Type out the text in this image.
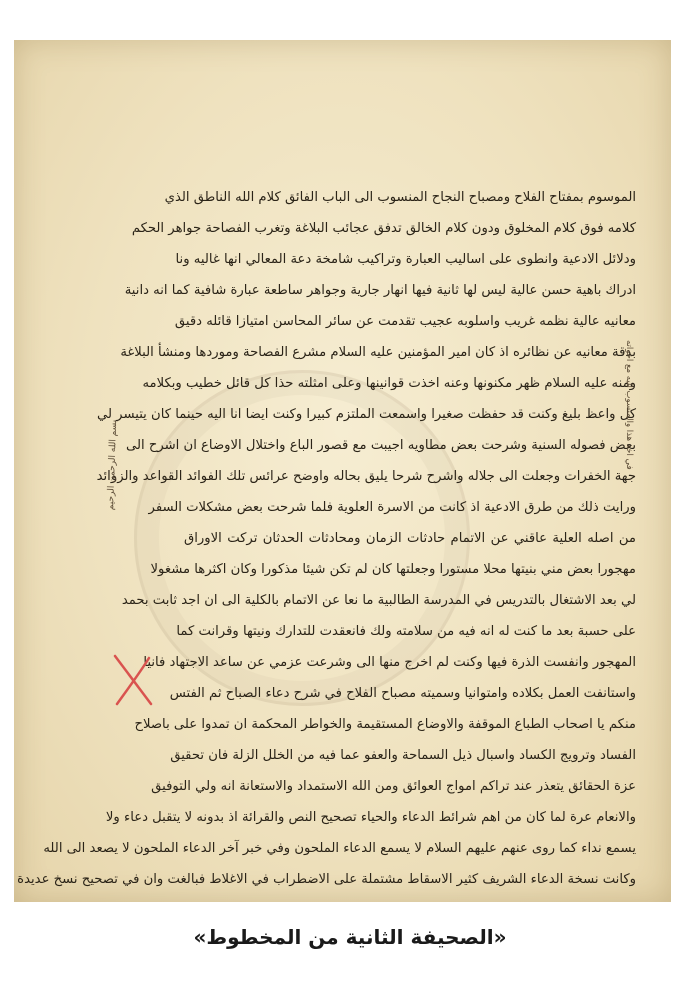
الموسوم بمفتاح الفلاح ومصباح النجاح المنسوب الى الباب الفائق كلام الله الناطق الذي
كلامه فوق كلام المخلوق ودون كلام الخالق تدفق عجائب البلاغة وتغرب الفصاحة جواهر الحكم
ودلائل الادعية وانطوى على اساليب العبارة وتراكيب شامخة دعة المعالي انها غاليه ونا
ادراك باهية حسن عالية ليس لها ثانية فيها انهار جارية وجواهر ساطعة عبارة شافية كما انه دانية
معانيه عالية نظمه غريب واسلوبه عجيب تقدمت عن سائر المحاسن امتيازا قائله دقيق
بدقة معانيه عن نظائره اذ كان امير المؤمنين عليه السلام مشرع الفصاحة وموردها ومنشأ البلاغة
ومنه عليه السلام ظهر مكنونها وعنه اخذت قوانينها وعلى امثلته حذا كل قائل خطيب وبكلامه
كل واعظ بليغ وكنت قد حفظت صغيرا واسمعت الملتزم كبيرا وكنت ايضا انا اليه حينما كان يتيسر لي
بعض فصوله السنية وشرحت بعض مطاويه اجيبت مع قصور الباع واختلال الاوضاع ان اشرح الى
جهة الخفرات وجعلت الى جلاله واشرح شرحا يليق بحاله واوضح عرائس تلك الفوائد القواعد والزوائد
ورايت ذلك من طرق الادعية اذ كانت من الاسرة العلوية فلما شرحت بعض مشكلات السفر
من اصله العلية عاقني عن الاتمام حادثات الزمان ومحادثات الحدثان تركت الاوراق
مهجورا بعض مني بنيتها محلا مستورا وجعلتها كان لم تكن شيئا مذكورا وكان اكثرها مشغولا
لي بعد الاشتغال بالتدريس في المدرسة الطالبية ما نعا عن الاتمام بالكلية الى ان اجد ثابت بحمد
على حسبة بعد ما كنت له انه فيه من سلامته ولك فانعقدت للتدارك ونيتها وقرانت كما
المهجور وانفست الذرة فيها وكنت لم اخرج منها الى وشرعت عزمي عن ساعد الاجتهاد فانيا
واستانفت العمل بكلاده وامتوانيا وسميته مصباح الفلاح في شرح دعاء الصباح ثم الفتس
منكم يا اصحاب الطباع الموقفة والاوضاع المستقيمة والخواطر المحكمة ان تمدوا على باصلاح
الفساد وترويج الكساد واسبال ذيل السماحة والعفو عما فيه من الخلل الزلة فان تحقيق
عزة الحقائق يتعذر عند تراكم امواج العوائق ومن الله الاستمداد والاستعانة انه ولي التوفيق
والانعام عرة لما كان من اهم شرائط الدعاء والحياء تصحيح النص والقرائة اذ بدونه لا يتقبل دعاء ولا
يسمع نداء كما روى عنهم عليهم السلام لا يسمع الدعاء الملحون وفي خبر آخر الدعاء الملحون لا يصعد الى الله
وكانت نسخة الدعاء الشريف كثير الاسقاط مشتملة على الاضطراب في الاغلاط فبالغت وان في تصحيح نسخ عديدة
بسم الله الرحمن الرحيم	في اخذ هذا والمنسوب اليه مع اخواته
«الصحيفة الثانية من المخطوط»
